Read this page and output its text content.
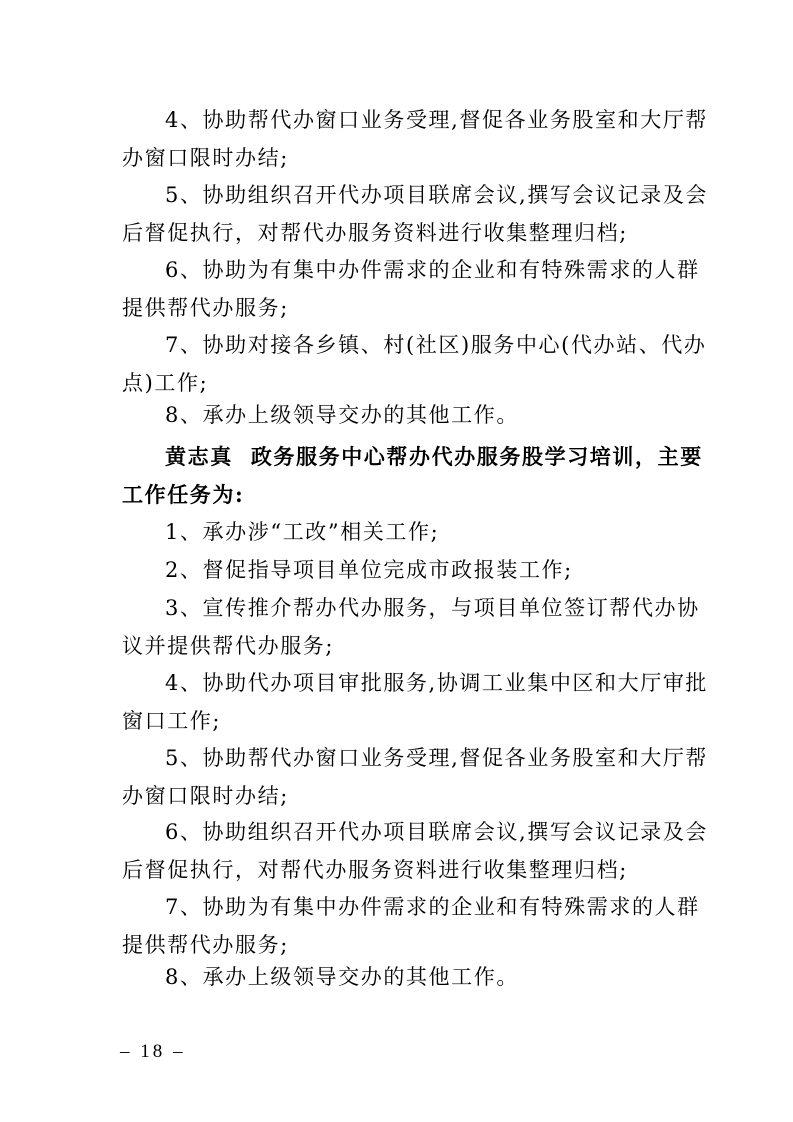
4、协助帮代办窗口业务受理,督促各业务股室和大厅帮
办窗口限时办结;
5、协助组织召开代办项目联席会议,撰写会议记录及会
后督促执行，对帮代办服务资料进行收集整理归档;
6、协助为有集中办件需求的企业和有特殊需求的人群
提供帮代办服务;
7、协助对接各乡镇、村(社区)服务中心(代办站、代办
点)工作;
8、承办上级领导交办的其他工作。
黄志真 政务服务中心帮办代办服务股学习培训，主要
工作任务为:
1、承办涉“工改”相关工作;
2、督促指导项目单位完成市政报装工作;
3、宣传推介帮办代办服务，与项目单位签订帮代办协
议并提供帮代办服务;
4、协助代办项目审批服务,协调工业集中区和大厅审批
窗口工作;
5、协助帮代办窗口业务受理,督促各业务股室和大厅帮
办窗口限时办结;
6、协助组织召开代办项目联席会议,撰写会议记录及会
后督促执行，对帮代办服务资料进行收集整理归档;
7、协助为有集中办件需求的企业和有特殊需求的人群
提供帮代办服务;
8、承办上级领导交办的其他工作。
– 18 –
